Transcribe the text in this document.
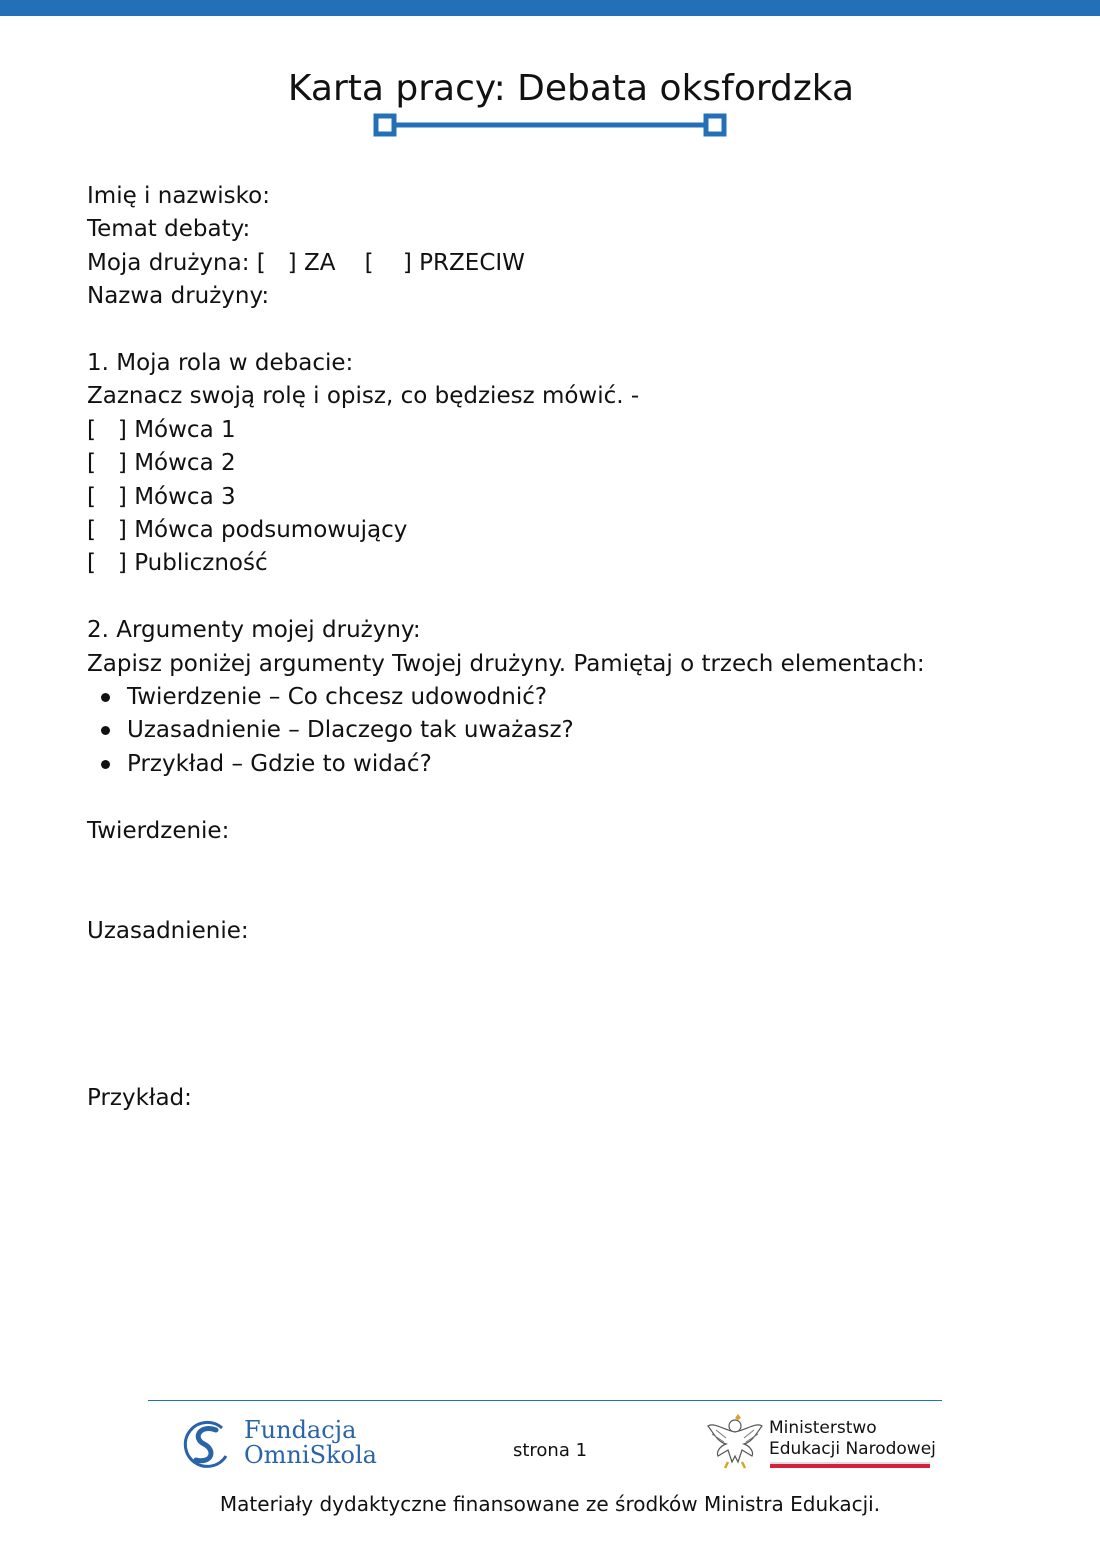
Karta pracy: Debata oksfordzka
Imię i nazwisko:
Temat debaty:
Moja drużyna: [   ] ZA    [    ] PRZECIW
Nazwa drużyny:
1. Moja rola w debacie:
Zaznacz swoją rolę i opisz, co będziesz mówić. -
[   ] Mówca 1
[   ] Mówca 2
[   ] Mówca 3
[   ] Mówca podsumowujący
[   ] Publiczność
2. Argumenty mojej drużyny:
Zapisz poniżej argumenty Twojej drużyny. Pamiętaj o trzech elementach:
Twierdzenie – Co chcesz udowodnić?
Uzasadnienie – Dlaczego tak uważasz?
Przykład – Gdzie to widać?
Twierdzenie:
Uzasadnienie:
Przykład:
Fundacja
OmniSkola	strona 1
Ministerstwo
Edukacji Narodowej
Materiały dydaktyczne finansowane ze środków Ministra Edukacji.
